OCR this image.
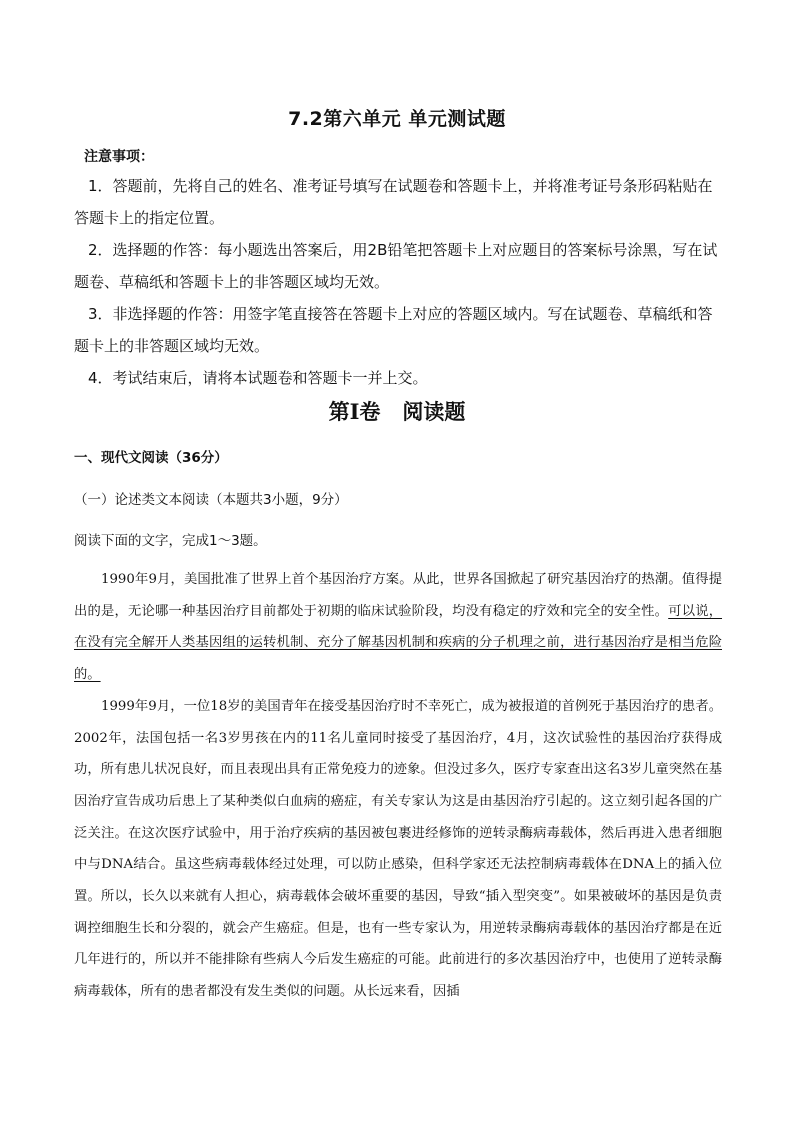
7.2第六单元 单元测试题
注意事项：

1．答题前，先将自己的姓名、准考证号填写在试题卷和答题卡上，并将准考证号条形码粘贴在答题卡上的指定位置。

2．选择题的作答：每小题选出答案后，用2B铅笔把答题卡上对应题目的答案标号涂黑，写在试题卷、草稿纸和答题卡上的非答题区域均无效。

3．非选择题的作答：用签字笔直接答在答题卡上对应的答题区域内。写在试题卷、草稿纸和答题卡上的非答题区域均无效。

4．考试结束后，请将本试题卷和答题卡一并上交。

第Ⅰ卷 阅读题
一、现代文阅读（36分）
（一）论述类文本阅读（本题共3小题，9分）
阅读下面的文字，完成1～3题。

1990年9月，美国批准了世界上首个基因治疗方案。从此，世界各国掀起了研究基因治疗的热潮。值得提出的是，无论哪一种基因治疗目前都处于初期的临床试验阶段，均没有稳定的疗效和完全的安全性。可以说，在没有完全解开人类基因组的运转机制、充分了解基因机制和疾病的分子机理之前，进行基因治疗是相当危险的。

1999年9月，一位18岁的美国青年在接受基因治疗时不幸死亡，成为被报道的首例死于基因治疗的患者。2002年，法国包括一名3岁男孩在内的11名儿童同时接受了基因治疗，4月，这次试验性的基因治疗获得成功，所有患儿状况良好，而且表现出具有正常免疫力的迹象。但没过多久，医疗专家查出这名3岁儿童突然在基因治疗宣告成功后患上了某种类似白血病的癌症，有关专家认为这是由基因治疗引起的。这立刻引起各国的广泛关注。在这次医疗试验中，用于治疗疾病的基因被包裹进经修饰的逆转录酶病毒载体，然后再进入患者细胞中与DNA结合。虽这些病毒载体经过处理，可以防止感染，但科学家还无法控制病毒载体在DNA上的插入位置。所以，长久以来就有人担心，病毒载体会破坏重要的基因，导致“插入型突变”。如果被破坏的基因是负责调控细胞生长和分裂的，就会产生癌症。但是，也有一些专家认为，用逆转录酶病毒载体的基因治疗都是在近几年进行的，所以并不能排除有些病人今后发生癌症的可能。此前进行的多次基因治疗中，也使用了逆转录酶病毒载体，所有的患者都没有发生类似的问题。从长远来看，因插
